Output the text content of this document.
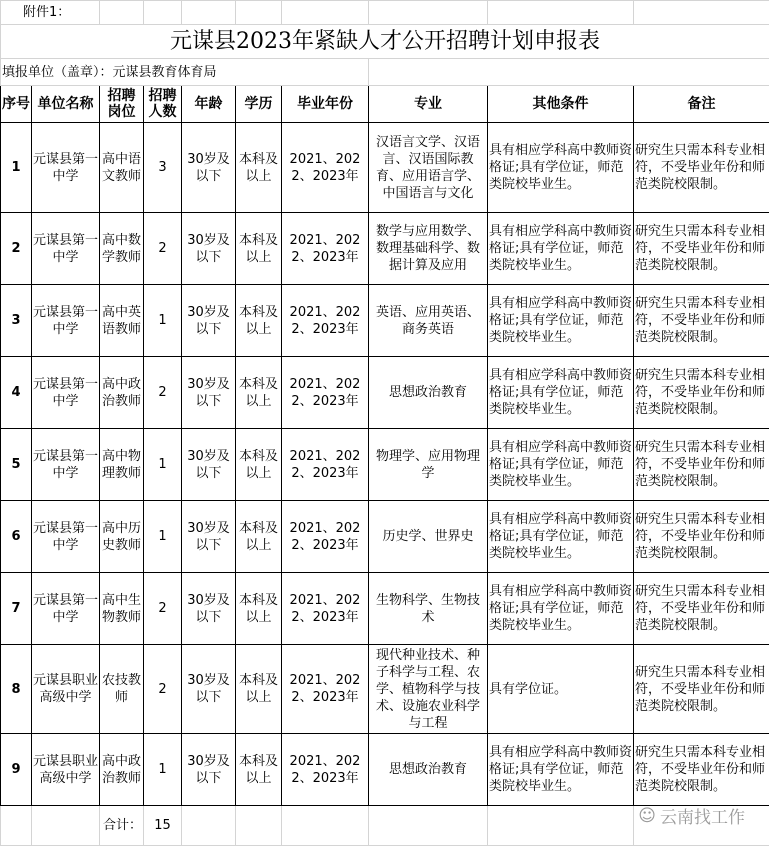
附件1：									
元谋县2023年紧缺人才公开招聘计划申报表									
填报单位（盖章）：元谋县教育体育局									
序号	单位名称	招聘岗位	招聘人数	年龄	学历	毕业年份	专业	其他条件	备注
1	元谋县第一中学	高中语文教师	3	30岁及以下	本科及以上	2021、2022、2023年	汉语言文学、汉语言、汉语国际教育、应用语言学、中国语言与文化	具有相应学科高中教师资格证;具有学位证，师范类院校毕业生。	研究生只需本科专业相符，不受毕业年份和师范类院校限制。
2	元谋县第一中学	高中数学教师	2	30岁及以下	本科及以上	2021、2022、2023年	数学与应用数学、数理基础科学、数据计算及应用	具有相应学科高中教师资格证;具有学位证，师范类院校毕业生。	研究生只需本科专业相符，不受毕业年份和师范类院校限制。
3	元谋县第一中学	高中英语教师	1	30岁及以下	本科及以上	2021、2022、2023年	英语、应用英语、商务英语	具有相应学科高中教师资格证;具有学位证，师范类院校毕业生。	研究生只需本科专业相符，不受毕业年份和师范类院校限制。
4	元谋县第一中学	高中政治教师	2	30岁及以下	本科及以上	2021、2022、2023年	思想政治教育	具有相应学科高中教师资格证;具有学位证，师范类院校毕业生。	研究生只需本科专业相符，不受毕业年份和师范类院校限制。
5	元谋县第一中学	高中物理教师	1	30岁及以下	本科及以上	2021、2022、2023年	物理学、应用物理学	具有相应学科高中教师资格证;具有学位证，师范类院校毕业生。	研究生只需本科专业相符，不受毕业年份和师范类院校限制。
6	元谋县第一中学	高中历史教师	1	30岁及以下	本科及以上	2021、2022、2023年	历史学、世界史	具有相应学科高中教师资格证;具有学位证，师范类院校毕业生。	研究生只需本科专业相符，不受毕业年份和师范类院校限制。
7	元谋县第一中学	高中生物教师	2	30岁及以下	本科及以上	2021、2022、2023年	生物科学、生物技术	具有相应学科高中教师资格证;具有学位证，师范类院校毕业生。	研究生只需本科专业相符，不受毕业年份和师范类院校限制。
8	元谋县职业高级中学	农技教师	2	30岁及以下	本科及以上	2021、2022、2023年	现代种业技术、种子科学与工程、农学、植物科学与技术、设施农业科学与工程	具有学位证。	研究生只需本科专业相符，不受毕业年份和师范类院校限制。
9	元谋县职业高级中学	高中政治教师	1	30岁及以下	本科及以上	2021、2022、2023年	思想政治教育	具有相应学科高中教师资格证;具有学位证，师范类院校毕业生。	研究生只需本科专业相符，不受毕业年份和师范类院校限制。
		合计：	15							☺ 云南找工作
